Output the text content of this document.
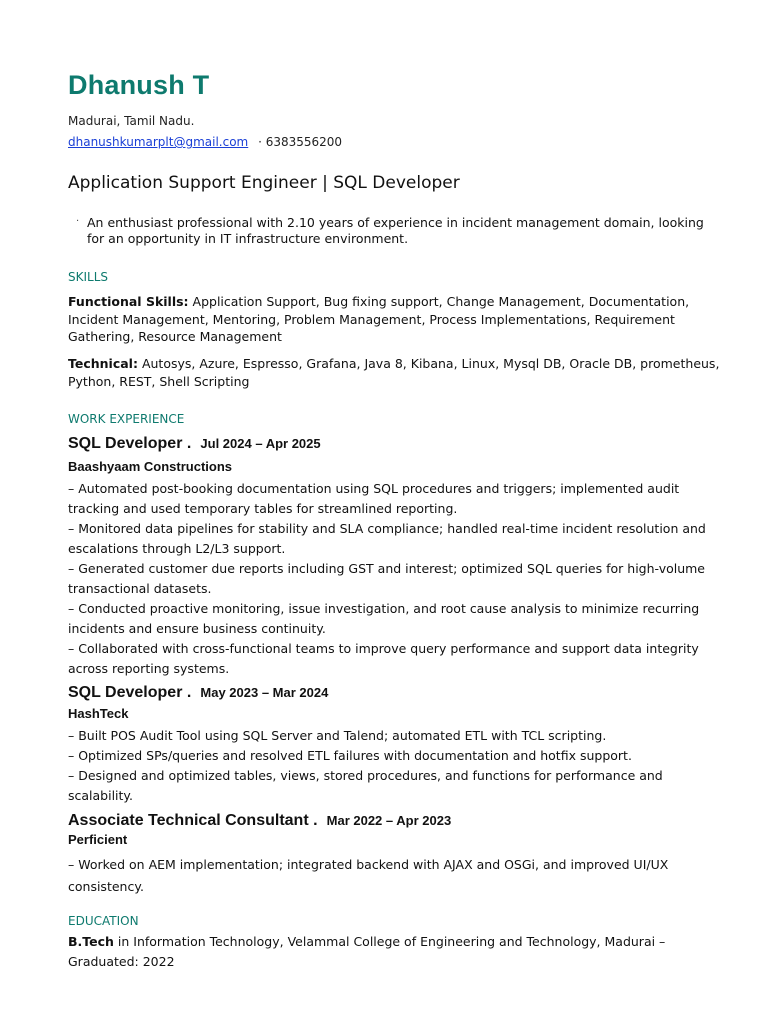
Dhanush T
Madurai, Tamil Nadu.
dhanushkumarplt@gmail.com · 6383556200
Application Support Engineer | SQL Developer
· An enthusiast professional with 2.10 years of experience in incident management domain, looking
for an opportunity in IT infrastructure environment.
SKILLS
Functional Skills: Application Support, Bug fixing support, Change Management, Documentation,
Incident Management, Mentoring, Problem Management, Process Implementations, Requirement
Gathering, Resource Management
Technical: Autosys, Azure, Espresso, Grafana, Java 8, Kibana, Linux, Mysql DB, Oracle DB, prometheus,
Python, REST, Shell Scripting
WORK EXPERIENCE
SQL Developer . Jul 2024 – Apr 2025
Baashyaam Constructions
– Automated post-booking documentation using SQL procedures and triggers; implemented audit
tracking and used temporary tables for streamlined reporting.
– Monitored data pipelines for stability and SLA compliance; handled real-time incident resolution and
escalations through L2/L3 support.
– Generated customer due reports including GST and interest; optimized SQL queries for high-volume
transactional datasets.
– Conducted proactive monitoring, issue investigation, and root cause analysis to minimize recurring
incidents and ensure business continuity.
– Collaborated with cross-functional teams to improve query performance and support data integrity
across reporting systems.
SQL Developer . May 2023 – Mar 2024
HashTeck
– Built POS Audit Tool using SQL Server and Talend; automated ETL with TCL scripting.
– Optimized SPs/queries and resolved ETL failures with documentation and hotfix support.
– Designed and optimized tables, views, stored procedures, and functions for performance and
scalability.
Associate Technical Consultant . Mar 2022 – Apr 2023
Perficient
– Worked on AEM implementation; integrated backend with AJAX and OSGi, and improved UI/UX
consistency.
EDUCATION
B.Tech in Information Technology, Velammal College of Engineering and Technology, Madurai –
Graduated: 2022
